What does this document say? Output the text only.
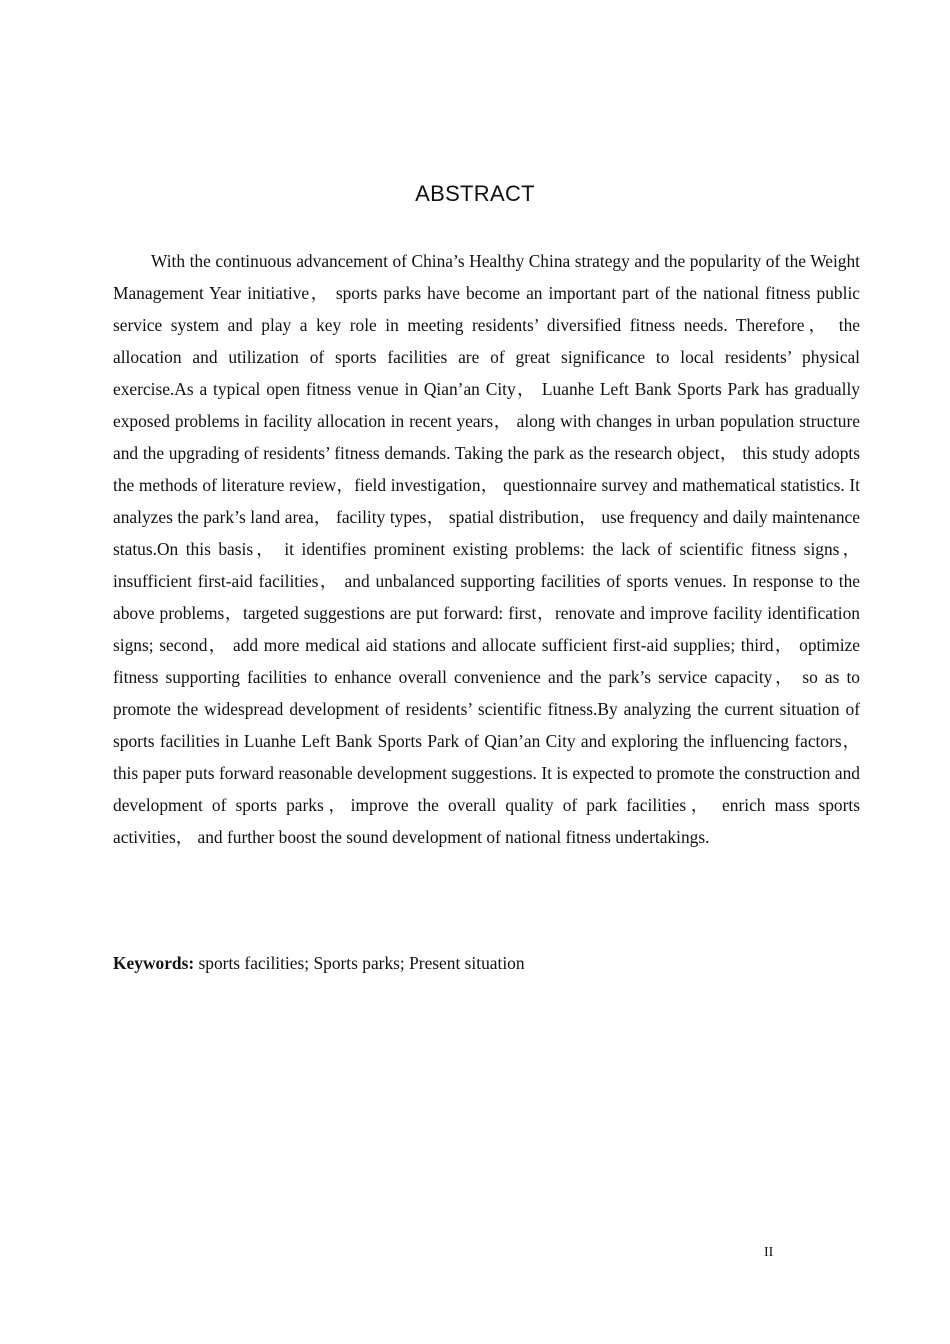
ABSTRACT

With the continuous advancement of China’s Healthy China strategy and the popularity of the Weight Management Year initiative， sports parks have become an important part of the national fitness public service system and play a key role in meeting residents’ diversified fitness needs. Therefore， the allocation and utilization of sports facilities are of great significance to local residents’ physical exercise.As a typical open fitness venue in Qian’an City， Luanhe Left Bank Sports Park has gradually exposed problems in facility allocation in recent years， along with changes in urban population structure and the upgrading of residents’ fitness demands. Taking the park as the research object， this study adopts the methods of literature review，field investigation， questionnaire survey and mathematical statistics. It analyzes the park’s land area， facility types， spatial distribution， use frequency and daily maintenance status.On this basis， it identifies prominent existing problems: the lack of scientific fitness signs， insufficient first-aid facilities， and unbalanced supporting facilities of sports venues. In response to the above problems，targeted suggestions are put forward: first，renovate and improve facility identification signs; second， add more medical aid stations and allocate sufficient first-aid supplies; third， optimize fitness supporting facilities to enhance overall convenience and the park’s service capacity， so as to promote the widespread development of residents’ scientific fitness.By analyzing the current situation of sports facilities in Luanhe Left Bank Sports Park of Qian’an City and exploring the influencing factors， this paper puts forward reasonable development suggestions. It is expected to promote the construction and development of sports parks，improve the overall quality of park facilities， enrich mass sports activities， and further boost the sound development of national fitness undertakings.

Keywords: sports facilities; Sports parks; Present situation

II
